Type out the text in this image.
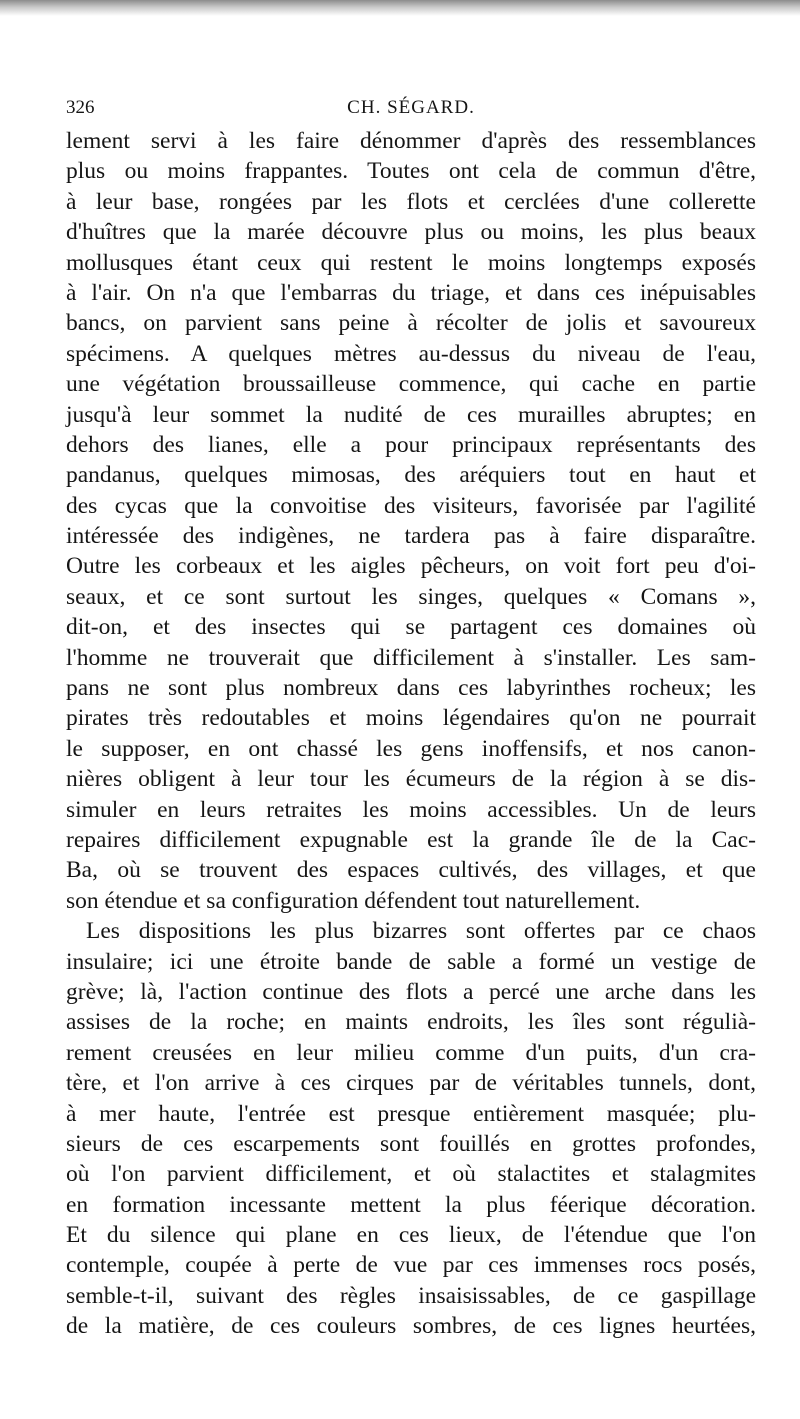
326	CH. SÉGARD.
lement servi à les faire dénommer d'après des ressemblances
plus ou moins frappantes. Toutes ont cela de commun d'être,
à leur base, rongées par les flots et cerclées d'une collerette
d'huîtres que la marée découvre plus ou moins, les plus beaux
mollusques étant ceux qui restent le moins longtemps exposés
à l'air. On n'a que l'embarras du triage, et dans ces inépuisables
bancs, on parvient sans peine à récolter de jolis et savoureux
spécimens. A quelques mètres au-dessus du niveau de l'eau,
une végétation broussailleuse commence, qui cache en partie
jusqu'à leur sommet la nudité de ces murailles abruptes; en
dehors des lianes, elle a pour principaux représentants des
pandanus, quelques mimosas, des aréquiers tout en haut et
des cycas que la convoitise des visiteurs, favorisée par l'agilité
intéressée des indigènes, ne tardera pas à faire disparaître.
Outre les corbeaux et les aigles pêcheurs, on voit fort peu d'oi-
seaux, et ce sont surtout les singes, quelques « Comans »,
dit-on, et des insectes qui se partagent ces domaines où
l'homme ne trouverait que difficilement à s'installer. Les sam-
pans ne sont plus nombreux dans ces labyrinthes rocheux; les
pirates très redoutables et moins légendaires qu'on ne pourrait
le supposer, en ont chassé les gens inoffensifs, et nos canon-
nières obligent à leur tour les écumeurs de la région à se dis-
simuler en leurs retraites les moins accessibles. Un de leurs
repaires difficilement expugnable est la grande île de la Cac-
Ba, où se trouvent des espaces cultivés, des villages, et que
son étendue et sa configuration défendent tout naturellement.
Les dispositions les plus bizarres sont offertes par ce chaos
insulaire; ici une étroite bande de sable a formé un vestige de
grève; là, l'action continue des flots a percé une arche dans les
assises de la roche; en maints endroits, les îles sont régulià-
rement creusées en leur milieu comme d'un puits, d'un cra-
tère, et l'on arrive à ces cirques par de véritables tunnels, dont,
à mer haute, l'entrée est presque entièrement masquée; plu-
sieurs de ces escarpements sont fouillés en grottes profondes,
où l'on parvient difficilement, et où stalactites et stalagmites
en formation incessante mettent la plus féerique décoration.
Et du silence qui plane en ces lieux, de l'étendue que l'on
contemple, coupée à perte de vue par ces immenses rocs posés,
semble-t-il, suivant des règles insaisissables, de ce gaspillage
de la matière, de ces couleurs sombres, de ces lignes heurtées,
